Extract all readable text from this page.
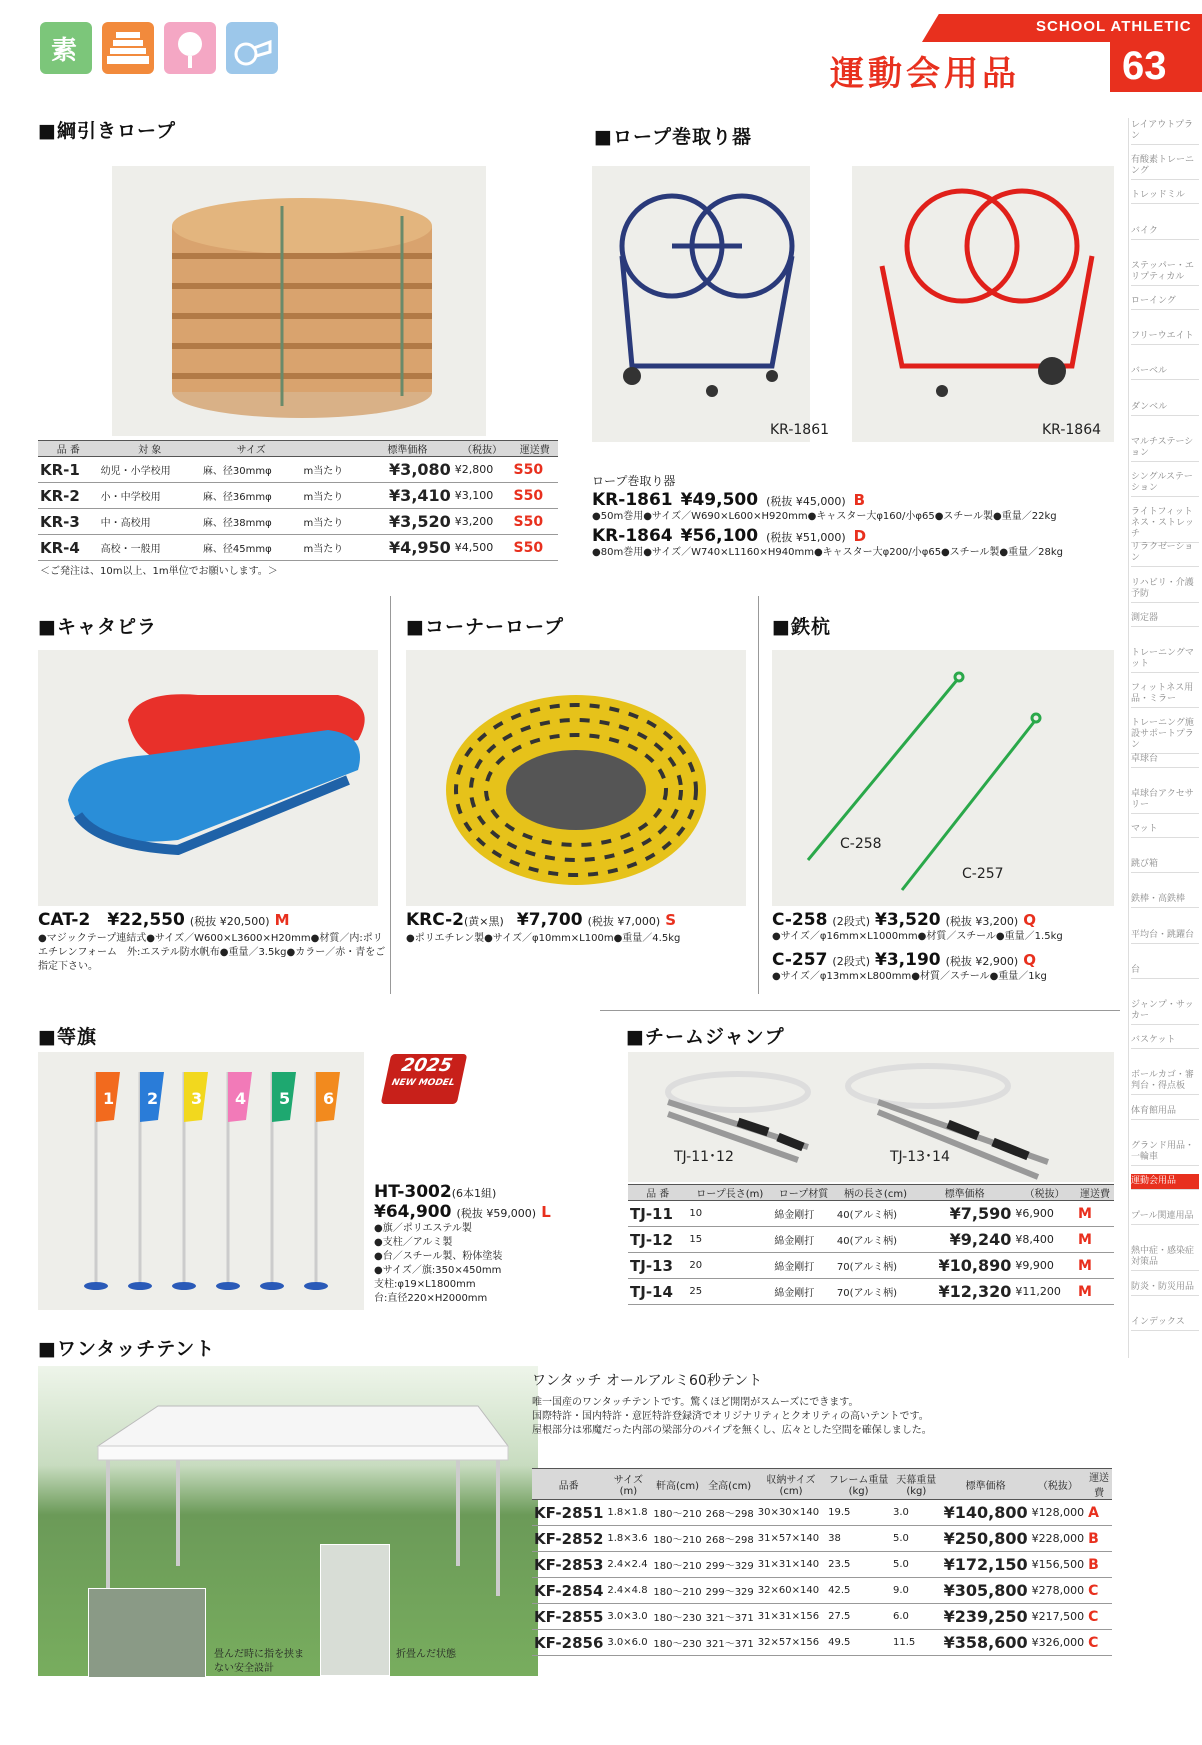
素
SCHOOL ATHLETIC
運動会用品	63
レイアウトプラン
有酸素トレーニング
トレッドミル
バイク
ステッパー・エリプティカル
ローイング
フリーウエイト
バーベル
ダンベル
マルチステーション
シングルステーション
ライトフィットネス・ストレッチ
リラクゼーション
リハビリ・介護予防
測定器
トレーニングマット
フィットネス用品・ミラー
トレーニング施設サポートプラン
卓球台
卓球台アクセサリー
マット
跳び箱
鉄棒・高鉄棒
平均台・跳躍台
台
ジャンプ・サッカー
バスケット
ボールカゴ・審判台・得点板
体育館用品
グランド用品・一輪車
運動会用品
プール関連用品
熱中症・感染症対策品
防炎・防災用品
インデックス
■綱引きロープ
品 番	対 象	サイズ		標準価格	（税抜）	運送費
KR-1	幼児・小学校用	麻、径30mmφ	m当たり	¥3,080	¥2,800	S50
KR-2	小・中学校用	麻、径36mmφ	m当たり	¥3,410	¥3,100	S50
KR-3	中・高校用	麻、径38mmφ	m当たり	¥3,520	¥3,200	S50
KR-4	高校・一般用	麻、径45mmφ	m当たり	¥4,950	¥4,500	S50
＜ご発注は、10m以上、1m単位でお願いします。＞
■ロープ巻取り器
KR-1861	KR-1864
ロープ巻取り器
KR-1861 ¥49,500 (税抜 ¥45,000) B
●50m巻用●サイズ／W690×L600×H920mm●キャスター大φ160/小φ65●スチール製●重量／22kg
KR-1864 ¥56,100 (税抜 ¥51,000) D
●80m巻用●サイズ／W740×L1160×H940mm●キャスター大φ200/小φ65●スチール製●重量／28kg
■キャタピラ
CAT-2 ¥22,550 (税抜 ¥20,500) M
●マジックテープ連結式●サイズ／W600×L3600×H20mm●材質／内:ポリエチレンフォーム　外:エステル防水帆布●重量／3.5kg●カラー／赤・青をご指定下さい。
■コーナーロープ
KRC-2(黄×黒) ¥7,700 (税抜 ¥7,000) S
●ポリエチレン製●サイズ／φ10mm×L100m●重量／4.5kg
■鉄杭
C-258
C-257
C-258 (2段式) ¥3,520 (税抜 ¥3,200) Q
●サイズ／φ16mm×L1000mm●材質／スチール●重量／1.5kg
C-257 (2段式) ¥3,190 (税抜 ¥2,900) Q
●サイズ／φ13mm×L800mm●材質／スチール●重量／1kg
■等旗
1 2 3 4 5 6
2025
NEW MODEL
HT-3002(6本1組)
¥64,900 (税抜 ¥59,000) L
●旗／ポリエステル製
●支柱／アルミ製
●台／スチール製、粉体塗装
●サイズ／旗:350×450mm
支柱:φ19×L1800mm
台:直径220×H2000mm
■チームジャンプ
TJ-11･12	TJ-13･14
品 番	ロープ長さ(m)	ロープ材質	柄の長さ(cm)	標準価格	（税抜）	運送費
TJ-11	10	綿金剛打	40(アルミ柄)	¥7,590	¥6,900	M
TJ-12	15	綿金剛打	40(アルミ柄)	¥9,240	¥8,400	M
TJ-13	20	綿金剛打	70(アルミ柄)	¥10,890	¥9,900	M
TJ-14	25	綿金剛打	70(アルミ柄)	¥12,320	¥11,200	M
■ワンタッチテント
畳んだ時に指を挟まない安全設計
折畳んだ状態
ワンタッチ オールアルミ60秒テント
唯一国産のワンタッチテントです。驚くほど開閉がスムーズにできます。
国際特許・国内特許・意匠特許登録済でオリジナリティとクオリティの高いテントです。
屋根部分は邪魔だった内部の梁部分のパイプを無くし、広々とした空間を確保しました。
品番	サイズ(m)	軒高(cm)	全高(cm)	収納サイズ(cm)	フレーム重量(kg)	天幕重量(kg)	標準価格	（税抜）	運送費
KF-2851	1.8×1.8	180～210	268～298	30×30×140	19.5	3.0	¥140,800	¥128,000	A
KF-2852	1.8×3.6	180～210	268～298	31×57×140	38	5.0	¥250,800	¥228,000	B
KF-2853	2.4×2.4	180～210	299～329	31×31×140	23.5	5.0	¥172,150	¥156,500	B
KF-2854	2.4×4.8	180～210	299～329	32×60×140	42.5	9.0	¥305,800	¥278,000	C
KF-2855	3.0×3.0	180～230	321～371	31×31×156	27.5	6.0	¥239,250	¥217,500	C
KF-2856	3.0×6.0	180～230	321～371	32×57×156	49.5	11.5	¥358,600	¥326,000	C
